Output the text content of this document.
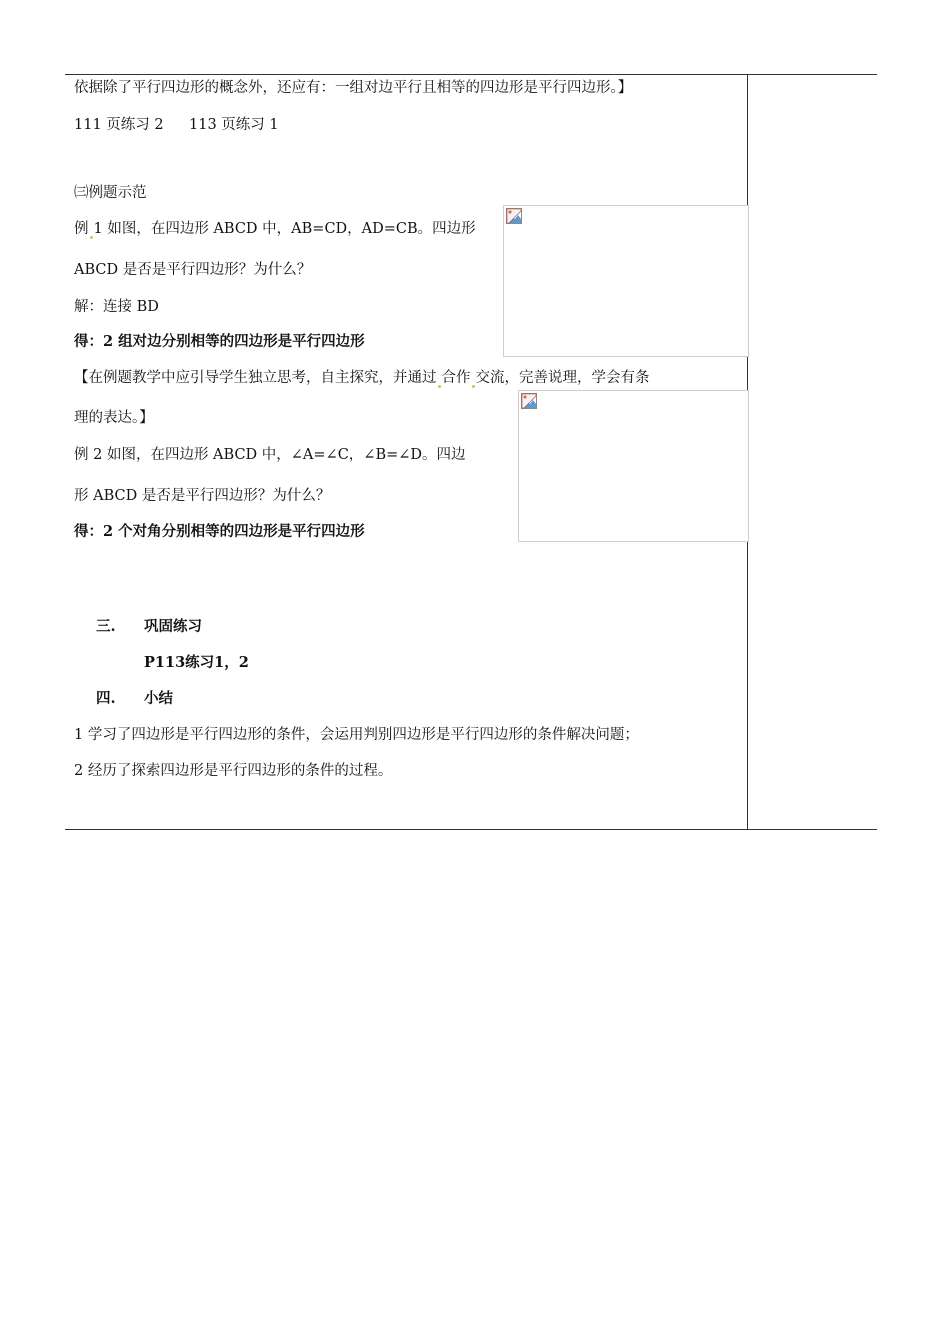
依据除了平行四边形的概念外，还应有：一组对边平行且相等的四边形是平行四边形。】
111 页练习 2 113 页练习 1
㈢例题示范
例 1 如图，在四边形 ABCD 中，AB=CD，AD=CB。四边形
ABCD 是否是平行四边形？为什么？
解：连接 BD
得：2 组对边分别相等的四边形是平行四边形
【在例题教学中应引导学生独立思考，自主探究，并通过 合作 交流，完善说理，学会有条
理的表达。】
例 2 如图，在四边形 ABCD 中，∠A=∠C，∠B=∠D。四边
形 ABCD 是否是平行四边形？为什么？
得：2 个对角分别相等的四边形是平行四边形
三. 巩固练习
P113练习1，2
四. 小结
1 学习了四边形是平行四边形的条件，会运用判别四边形是平行四边形的条件解决问题；
2 经历了探索四边形是平行四边形的条件的过程。
